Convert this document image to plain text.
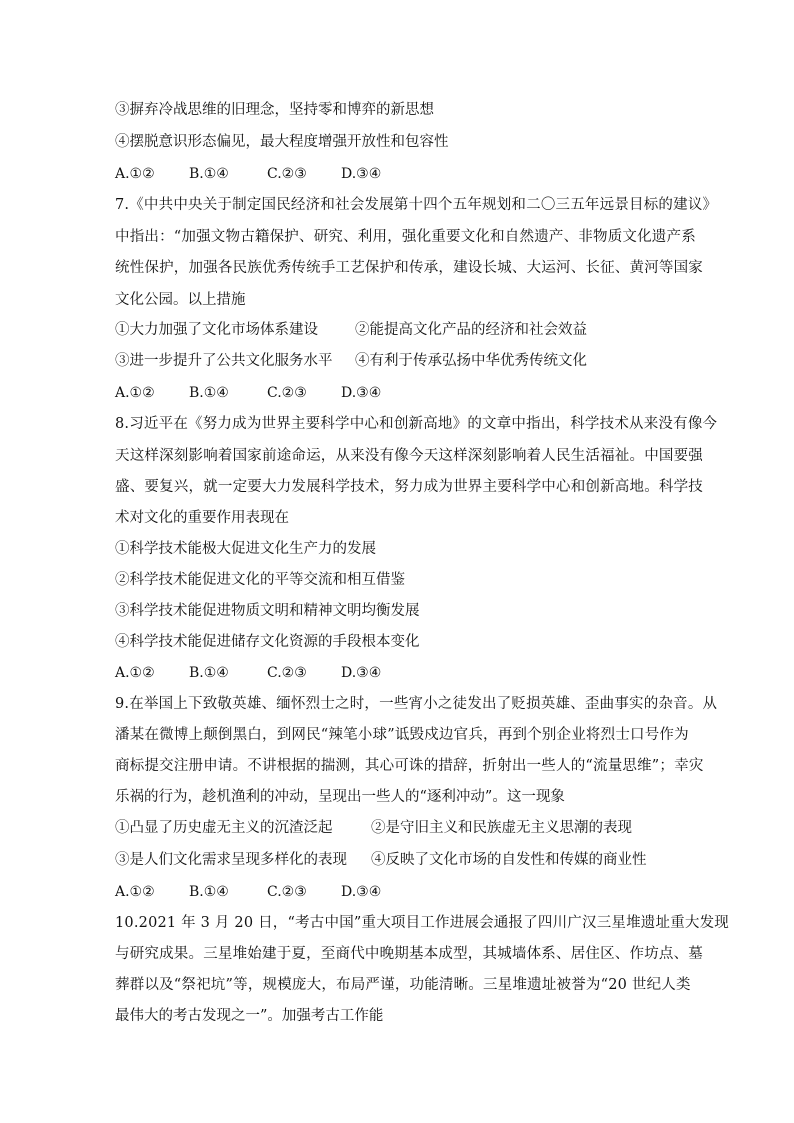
③摒弃冷战思维的旧理念，坚持零和博弈的新思想
④摆脱意识形态偏见，最大程度增强开放性和包容性
A.①② B.①④	C.②③ D.③④
7.《中共中央关于制定国民经济和社会发展第十四个五年规划和二〇三五年远景目标的建议》
中指出：“加强文物古籍保护、研究、利用，强化重要文化和自然遗产、非物质文化遗产系
统性保护，加强各民族优秀传统手工艺保护和传承，建设长城、大运河、长征、黄河等国家
文化公园。以上措施
①大力加强了文化市场体系建设	②能提高文化产品的经济和社会效益
③进一步提升了公共文化服务水平 ④有利于传承弘扬中华优秀传统文化
A.①② B.①④	C.②③ D.③④
8.习近平在《努力成为世界主要科学中心和创新高地》的文章中指出，科学技术从来没有像今
天这样深刻影响着国家前途命运，从来没有像今天这样深刻影响着人民生活福祉。中国要强
盛、要复兴，就一定要大力发展科学技术，努力成为世界主要科学中心和创新高地。科学技
术对文化的重要作用表现在
①科学技术能极大促进文化生产力的发展
②科学技术能促进文化的平等交流和相互借鉴
③科学技术能促进物质文明和精神文明均衡发展
④科学技术能促进储存文化资源的手段根本变化
A.①② B.①④	C.②③ D.③④
9.在举国上下致敬英雄、缅怀烈士之时，一些宵小之徒发出了贬损英雄、歪曲事实的杂音。从
潘某在微博上颠倒黑白，到网民“辣笔小球”诋毁戍边官兵，再到个别企业将烈士口号作为
商标提交注册申请。不讲根据的揣测，其心可诛的措辞，折射出一些人的“流量思维”；幸灾
乐祸的行为，趁机渔利的冲动，呈现出一些人的“逐利冲动”。这一现象
①凸显了历史虚无主义的沉渣泛起	②是守旧主义和民族虚无主义思潮的表现
③是人们文化需求呈现多样化的表现 ④反映了文化市场的自发性和传媒的商业性
A.①② B.①④	C.②③ D.③④
10.2021 年 3 月 20 日，“考古中国”重大项目工作进展会通报了四川广汉三星堆遗址重大发现
与研究成果。三星堆始建于夏，至商代中晚期基本成型，其城墙体系、居住区、作坊点、墓
葬群以及“祭祀坑”等，规模庞大，布局严谨，功能清晰。三星堆遗址被誉为“20 世纪人类
最伟大的考古发现之一”。加强考古工作能
